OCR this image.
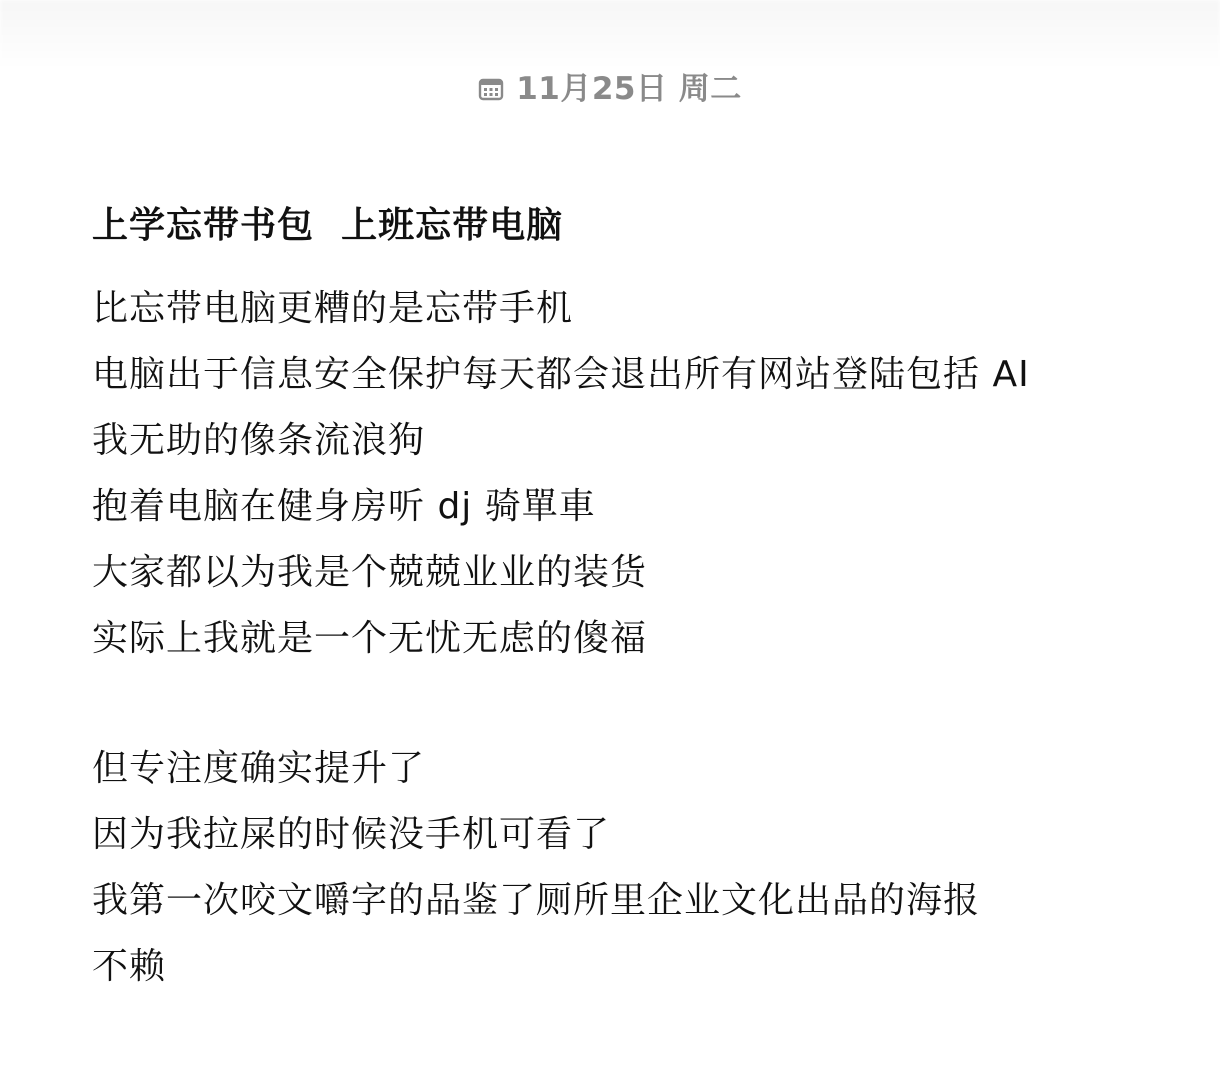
11月25日 周二
上学忘带书包  上班忘带电脑

比忘带电脑更糟的是忘带手机

电脑出于信息安全保护每天都会退出所有网站登陆包括 AI

我无助的像条流浪狗

抱着电脑在健身房听 dj 骑單車

大家都以为我是个兢兢业业的装货

实际上我就是一个无忧无虑的傻福

但专注度确实提升了

因为我拉屎的时候没手机可看了

我第一次咬文嚼字的品鉴了厕所里企业文化出品的海报

不赖
